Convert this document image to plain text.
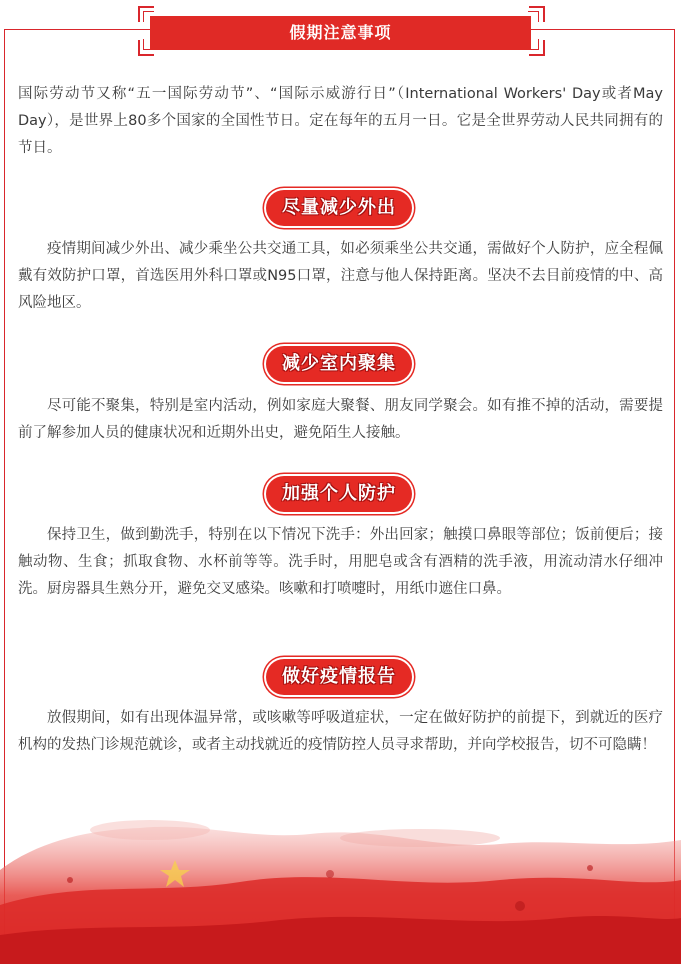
假期注意事项

国际劳动节又称“五一国际劳动节”、“国际示威游行日”（International Workers' Day或者May Day），是世界上80多个国家的全国性节日。定在每年的五月一日。它是全世界劳动人民共同拥有的节日。

尽量减少外出

疫情期间减少外出、减少乘坐公共交通工具，如必须乘坐公共交通，需做好个人防护，应全程佩戴有效防护口罩，首选医用外科口罩或N95口罩，注意与他人保持距离。坚决不去目前疫情的中、高风险地区。

减少室内聚集

尽可能不聚集，特别是室内活动，例如家庭大聚餐、朋友同学聚会。如有推不掉的活动，需要提前了解参加人员的健康状况和近期外出史，避免陌生人接触。

加强个人防护

保持卫生，做到勤洗手，特别在以下情况下洗手：外出回家；触摸口鼻眼等部位；饭前便后；接触动物、生食；抓取食物、水杯前等等。洗手时，用肥皂或含有酒精的洗手液，用流动清水仔细冲洗。厨房器具生熟分开，避免交叉感染。咳嗽和打喷嚏时，用纸巾遮住口鼻。

做好疫情报告

放假期间，如有出现体温异常，或咳嗽等呼吸道症状，一定在做好防护的前提下，到就近的医疗机构的发热门诊规范就诊，或者主动找就近的疫情防控人员寻求帮助，并向学校报告，切不可隐瞒！
